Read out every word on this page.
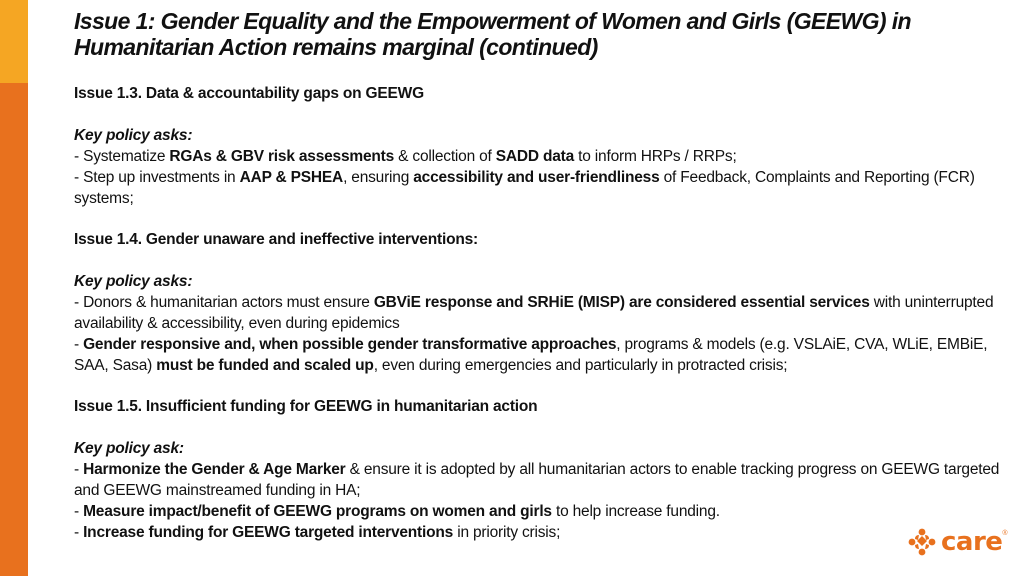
Issue 1: Gender Equality and the Empowerment of Women and Girls (GEEWG) in
Humanitarian Action remains marginal (continued)
Issue 1.3. Data & accountability gaps on GEEWG
Key policy asks:
- Systematize RGAs & GBV risk assessments & collection of SADD data to inform HRPs / RRPs;
- Step up investments in AAP & PSHEA, ensuring accessibility and user-friendliness of Feedback, Complaints and Reporting (FCR) systems;
Issue 1.4. Gender unaware and ineffective interventions:
Key policy asks:
- Donors & humanitarian actors must ensure GBViE response and SRHiE (MISP) are considered essential services with uninterrupted availability & accessibility, even during epidemics
- Gender responsive and, when possible gender transformative approaches, programs & models (e.g. VSLAiE, CVA, WLiE, EMBiE, SAA, Sasa) must be funded and scaled up, even during emergencies and particularly in protracted crisis;
Issue 1.5. Insufficient funding for GEEWG in humanitarian action
Key policy ask:
- Harmonize the Gender & Age Marker & ensure it is adopted by all humanitarian actors to enable tracking progress on GEEWG targeted and GEEWG mainstreamed funding in HA;
- Measure impact/benefit of GEEWG programs on women and girls to help increase funding.
- Increase funding for GEEWG targeted interventions in priority crisis;	care ®
